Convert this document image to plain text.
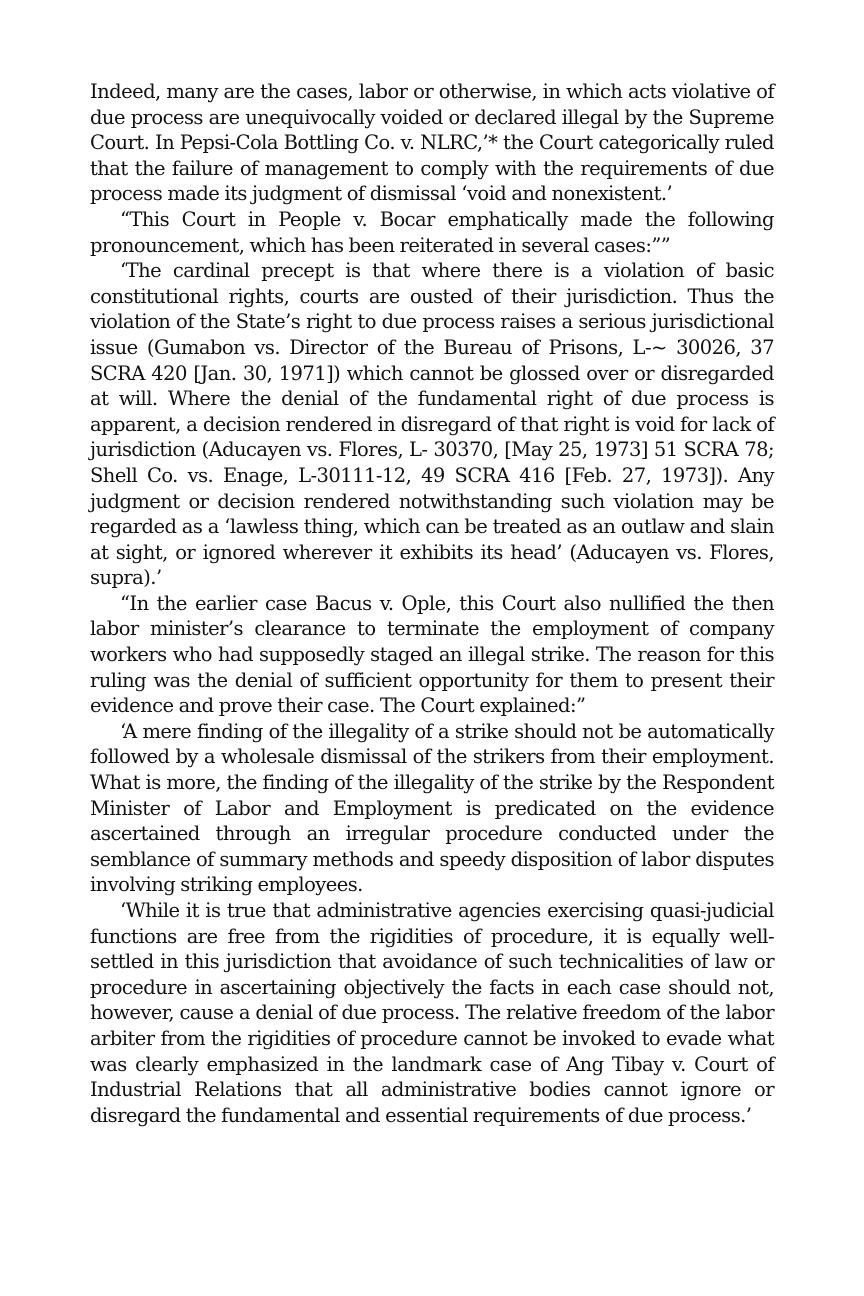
Indeed, many are the cases, labor or otherwise, in which acts violative of due process are unequivocally voided or declared illegal by the Supreme Court. In Pepsi-Cola Bottling Co. v. NLRC,’* the Court categorically ruled that the failure of management to comply with the requirements of due process made its judgment of dismissal ‘void and nonexistent.’

“This Court in People v. Bocar emphatically made the following pronouncement, which has been reiterated in several cases:””

‘The cardinal precept is that where there is a violation of basic constitutional rights, courts are ousted of their jurisdiction. Thus the violation of the State’s right to due process raises a serious jurisdictional issue (Gumabon vs. Director of the Bureau of Prisons, L-~ 30026, 37 SCRA 420 [Jan. 30, 1971]) which cannot be glossed over or disregarded at will. Where the denial of the fundamental right of due process is apparent, a decision rendered in disregard of that right is void for lack of jurisdiction (Aducayen vs. Flores, L- 30370, [May 25, 1973] 51 SCRA 78; Shell Co. vs. Enage, L-30111-12, 49 SCRA 416 [Feb. 27, 1973]). Any judgment or decision rendered notwithstanding such violation may be regarded as a ‘lawless thing, which can be treated as an outlaw and slain at sight, or ignored wherever it exhibits its head’ (Aducayen vs. Flores, supra).’

“In the earlier case Bacus v. Ople, this Court also nullified the then labor minister’s clearance to terminate the employment of company workers who had supposedly staged an illegal strike. The reason for this ruling was the denial of sufficient opportunity for them to present their evidence and prove their case. The Court explained:”

‘A mere finding of the illegality of a strike should not be automatically followed by a wholesale dismissal of the strikers from their employment. What is more, the finding of the illegality of the strike by the Respondent Minister of Labor and Employment is predicated on the evidence ascertained through an irregular procedure conducted under the semblance of summary methods and speedy disposition of labor disputes involving striking employees.

‘While it is true that administrative agencies exercising quasi-judicial functions are free from the rigidities of procedure, it is equally well-settled in this jurisdiction that avoidance of such technicalities of law or procedure in ascertaining objectively the facts in each case should not, however, cause a denial of due process. The relative freedom of the labor arbiter from the rigidities of procedure cannot be invoked to evade what was clearly emphasized in the landmark case of Ang Tibay v. Court of Industrial Relations that all administrative bodies cannot ignore or disregard the fundamental and essential requirements of due process.’
